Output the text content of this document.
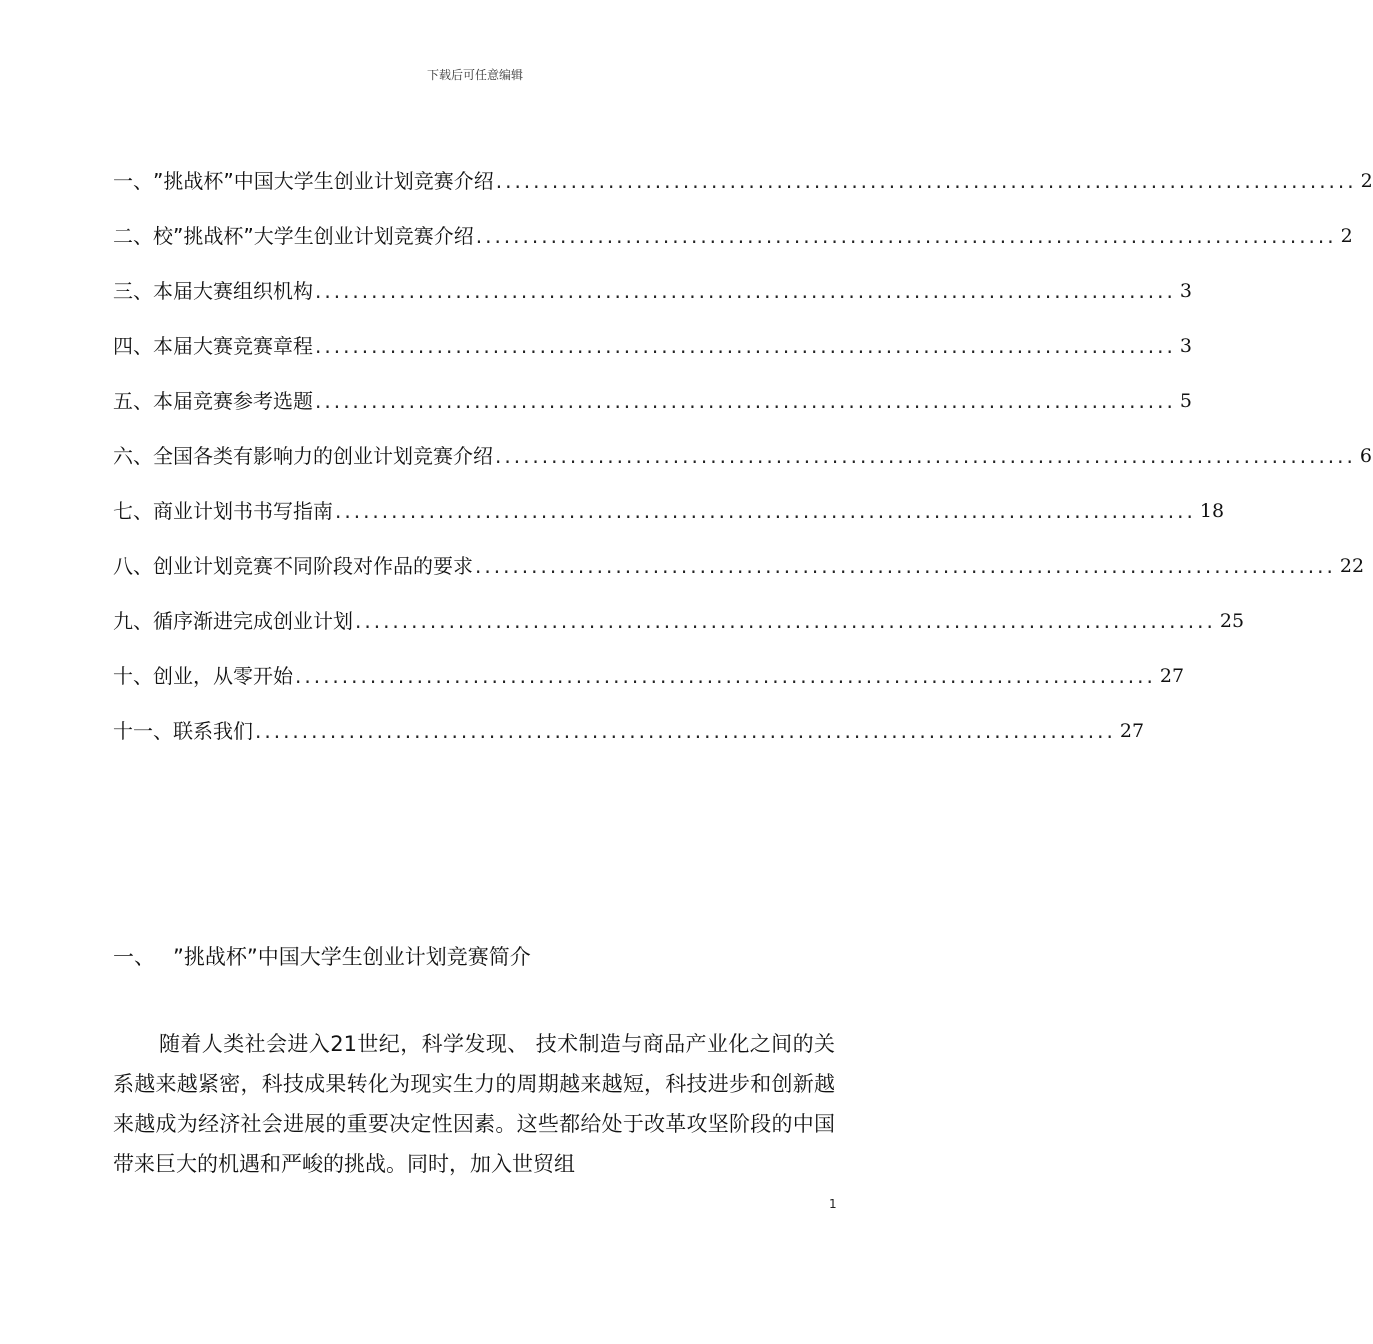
下载后可任意编辑
一、 ”挑战杯”中国大学生创业计划竞赛介绍 ............................................................................................ 2
二、 校”挑战杯”大学生创业计划竞赛介绍 ............................................................................................ 2
三、 本届大赛组织机构 ............................................................................................ 3
四、 本届大赛竞赛章程 ............................................................................................ 3
五、 本届竞赛参考选题 ............................................................................................ 5
六、 全国各类有影响力的创业计划竞赛介绍 ............................................................................................ 6
七、 商业计划书书写指南 ............................................................................................ 18
八、 创业计划竞赛不同阶段对作品的要求 ............................................................................................ 22
九、 循序渐进完成创业计划 ............................................................................................ 25
十、 创业，从零开始 ............................................................................................ 27
十一、 联系我们 ............................................................................................ 27
一、 ”挑战杯”中国大学生创业计划竞赛简介
随着人类社会进入21世纪，科学发现、 技术制造与商品产业化之间的关系越来越紧密，科技成果转化为现实生力的周期越来越短，科技进步和创新越来越成为经济社会进展的重要决定性因素。这些都给处于改革攻坚阶段的中国带来巨大的机遇和严峻的挑战。同时，加入世贸组
1
